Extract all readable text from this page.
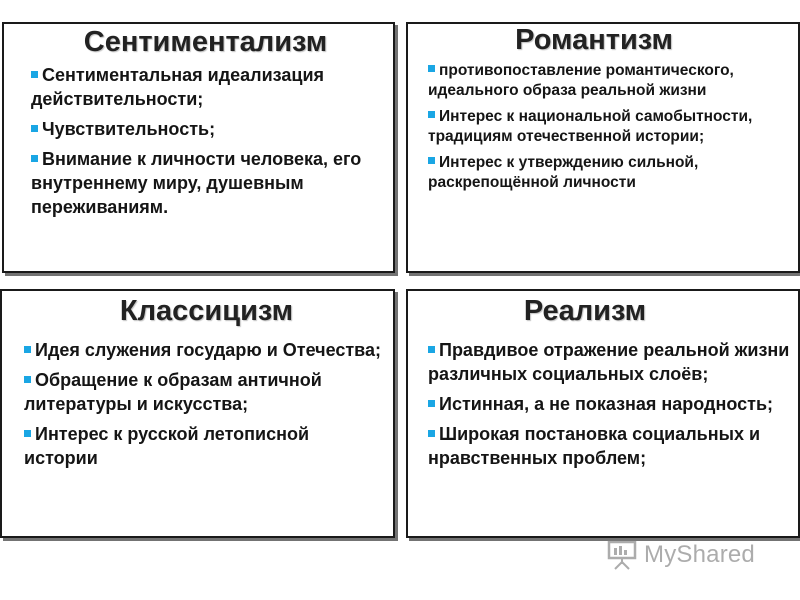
Сентиментализм
Сентиментальная идеализация действительности;
Чувствительность;
Внимание к личности человека, его внутреннему миру, душевным переживаниям.
Романтизм
противопоставление романтического, идеального образа реальной жизни
Интерес к национальной самобытности, традициям отечественной истории;
Интерес к утверждению сильной, раскрепощённой личности
Классицизм
Идея служения государю и Отечества;
Обращение к образам античной литературы и искусства;
Интерес к русской летописной истории
Реализм
Правдивое отражение реальной жизни различных социальных слоёв;
Истинная, а не показная народность;
Широкая постановка социальных и нравственных проблем;
MyShared
